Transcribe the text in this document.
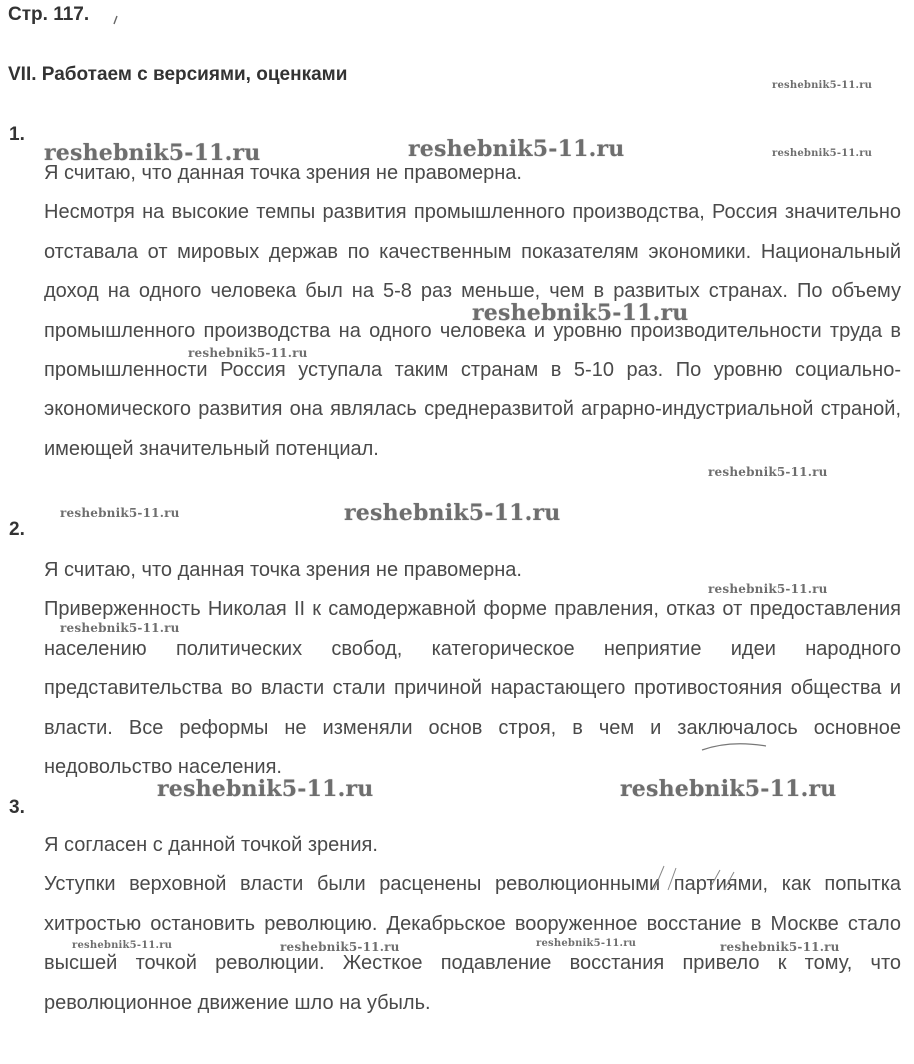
Стр. 117.
VII. Работаем с версиями, оценками
1.

Я считаю, что данная точка зрения не правомерна.

Несмотря на высокие темпы развития промышленного производства, Россия значительно отставала от мировых держав по качественным показателям экономики. Национальный доход на одного человека был на 5-8 раз меньше, чем в развитых странах. По объему промышленного производства на одного человека и уровню производительности труда в промышленности Россия уступала таким странам в 5-10 раз. По уровню социально-экономического развития она являлась среднеразвитой аграрно-индустриальной страной, имеющей значительный потенциал.

2.

Я считаю, что данная точка зрения не правомерна.

Приверженность Николая II к самодержавной форме правления, отказ от предоставления населению политических свобод, категорическое неприятие идеи народного представительства во власти стали причиной нарастающего противостояния общества и власти. Все реформы не изменяли основ строя, в чем и заключалось основное недовольство населения.

3.

Я согласен с данной точкой зрения.

Уступки верховной власти были расценены революционными партиями, как попытка хитростью остановить революцию. Декабрьское вооруженное восстание в Москве стало высшей точкой революции. Жесткое подавление восстания привело к тому, что революционное движение шло на убыль.

reshebnik5-11.ru
reshebnik5-11.ru	reshebnik5-11.ru	reshebnik5-11.ru
reshebnik5-11.ru
reshebnik5-11.ru
reshebnik5-11.ru
reshebnik5-11.ru	reshebnik5-11.ru
reshebnik5-11.ru
reshebnik5-11.ru
reshebnik5-11.ru	reshebnik5-11.ru
reshebnik5-11.ru	reshebnik5-11.ru	reshebnik5-11.ru	reshebnik5-11.ru
